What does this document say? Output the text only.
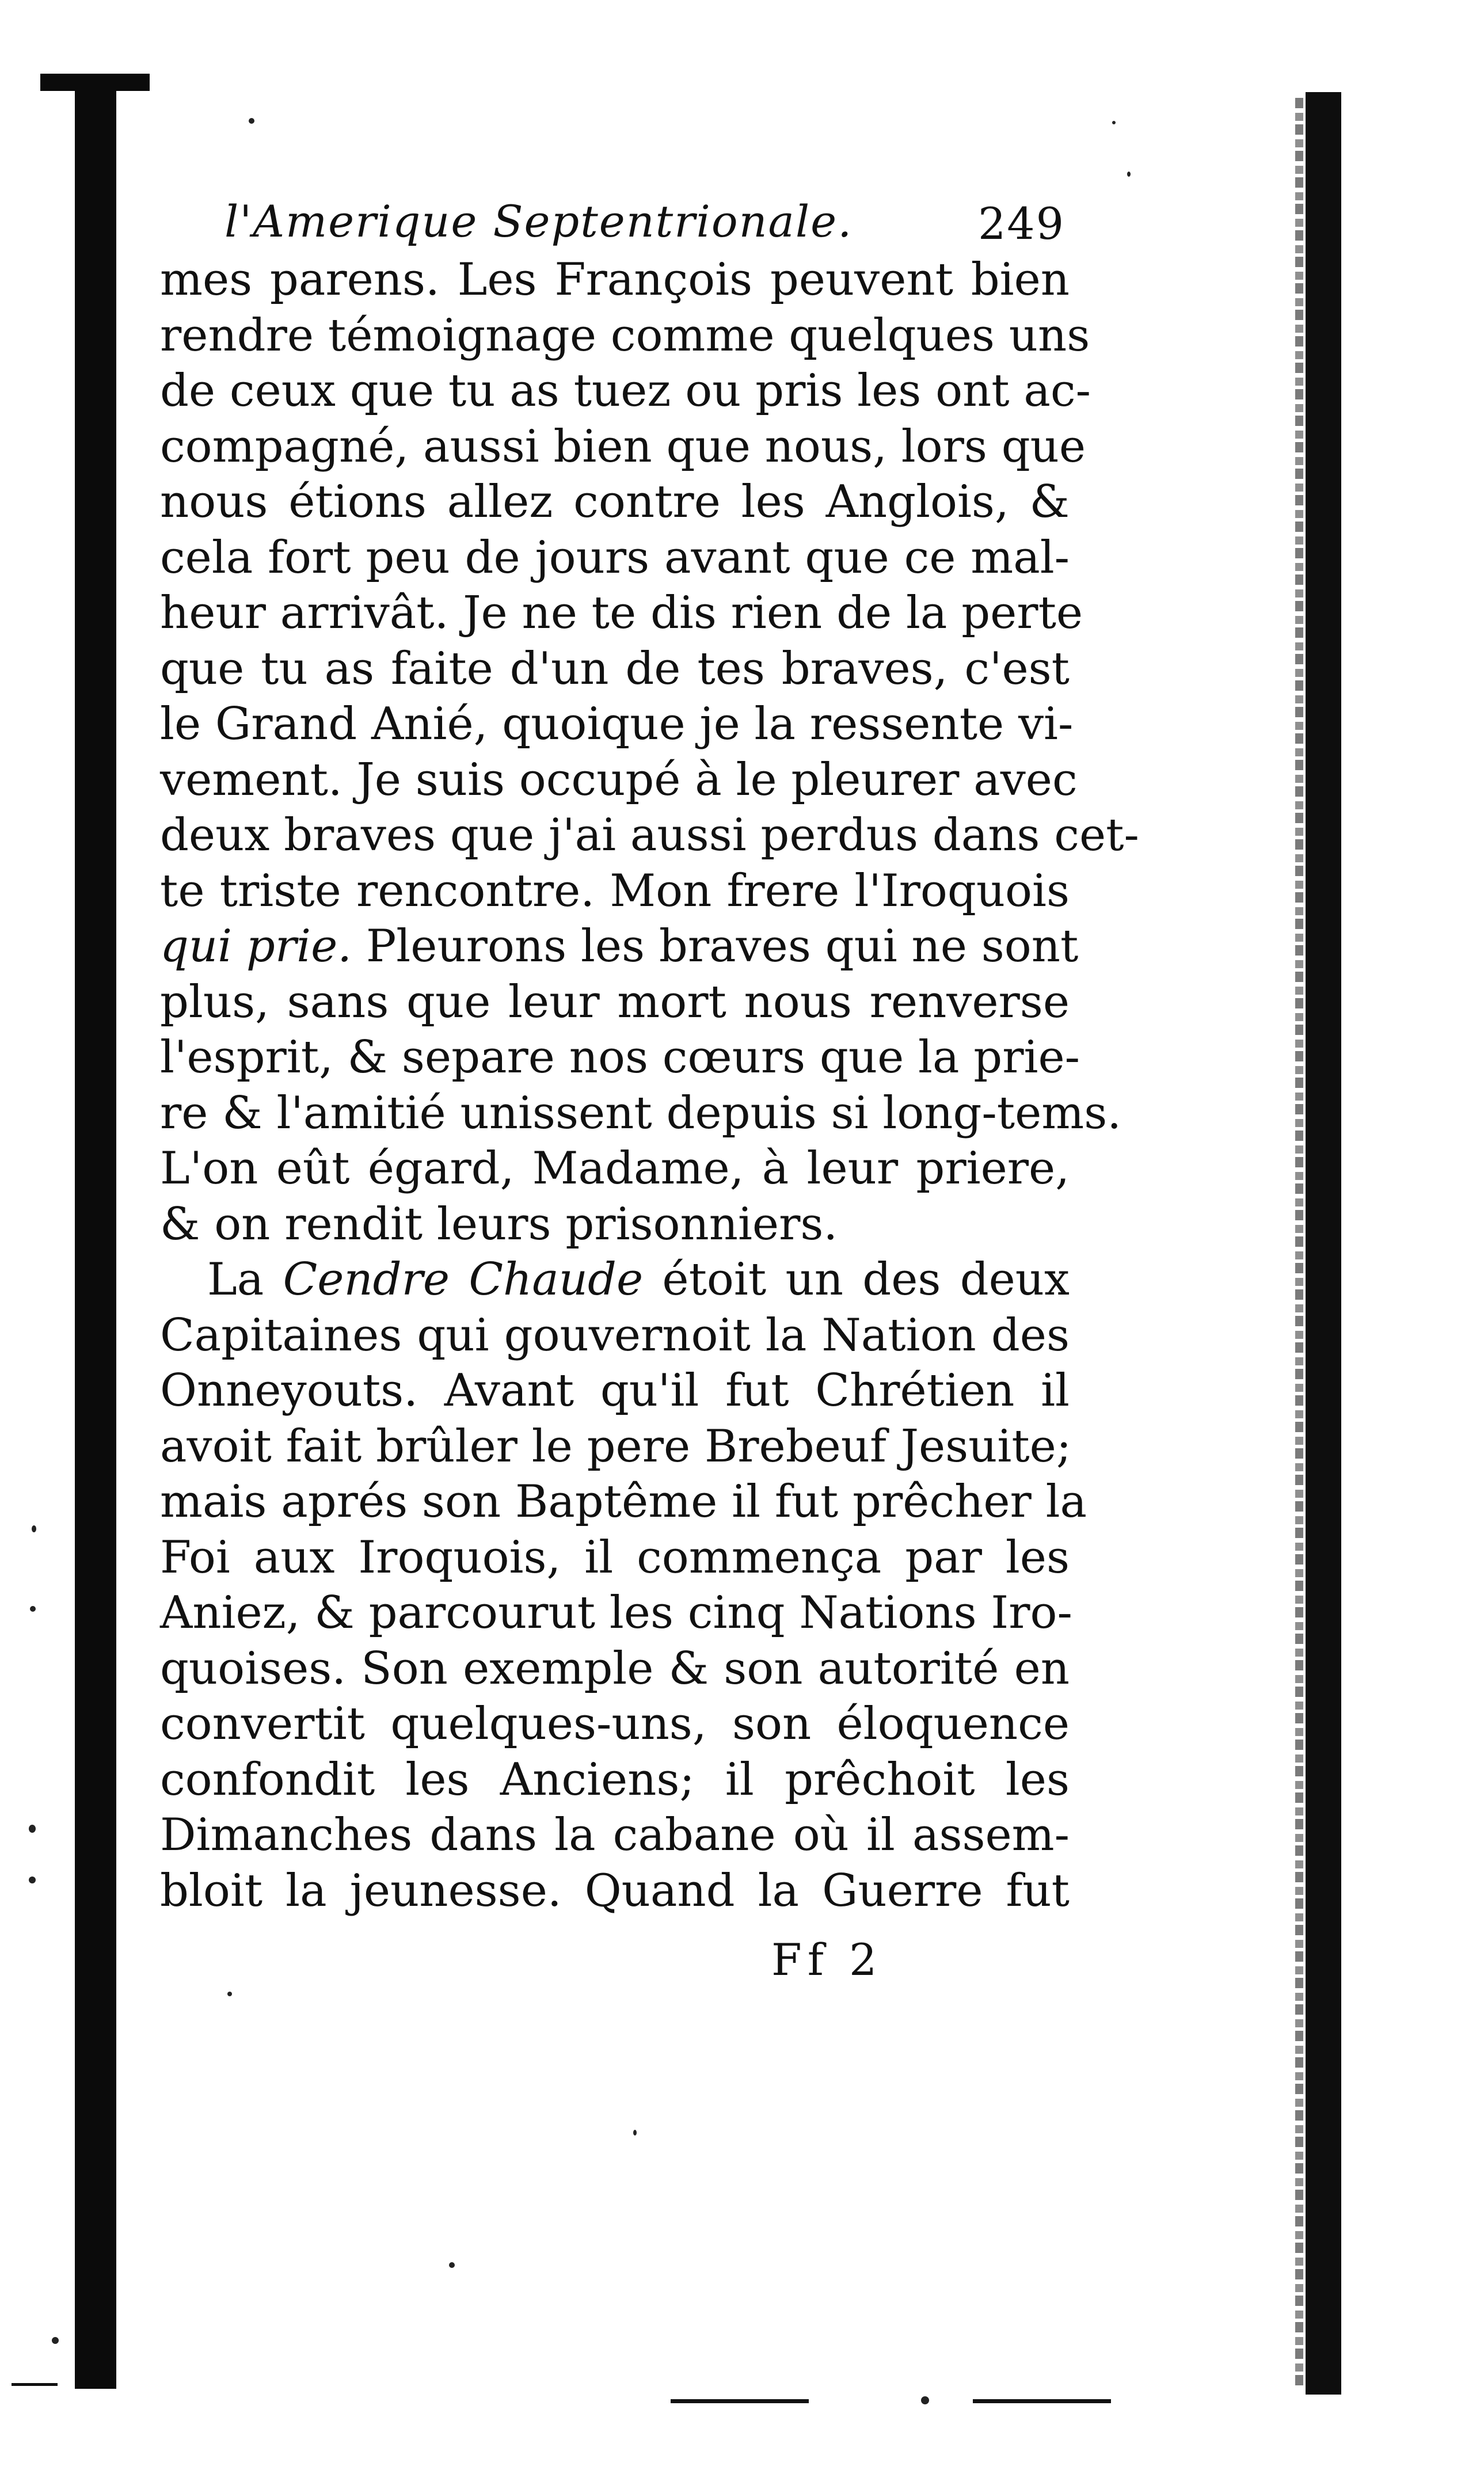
l'Amerique Septentrionale.	249
mes parens. Les François peuvent bien
rendre témoignage comme quelques uns
de ceux que tu as tuez ou pris les ont ac-
compagné, aussi bien que nous, lors que
nous étions allez contre les Anglois, &
cela fort peu de jours avant que ce mal-
heur arrivât. Je ne te dis rien de la perte
que tu as faite d'un de tes braves, c'est
le Grand Anié, quoique je la ressente vi-
vement. Je suis occupé à le pleurer avec
deux braves que j'ai aussi perdus dans cet-
te triste rencontre. Mon frere l'Iroquois
qui prie. Pleurons les braves qui ne sont
plus, sans que leur mort nous renverse
l'esprit, & separe nos cœurs que la prie-
re & l'amitié unissent depuis si long-tems.
L'on eût égard, Madame, à leur priere,
& on rendit leurs prisonniers.
La Cendre Chaude étoit un des deux
Capitaines qui gouvernoit la Nation des
Onneyouts. Avant qu'il fut Chrétien il
avoit fait brûler le pere Brebeuf Jesuite;
mais aprés son Baptême il fut prêcher la
Foi aux Iroquois, il commença par les
Aniez, & parcourut les cinq Nations Iro-
quoises. Son exemple & son autorité en
convertit quelques-uns, son éloquence
confondit les Anciens; il prêchoit les
Dimanches dans la cabane où il assem-
bloit la jeunesse. Quand la Guerre fut
Ff 2
